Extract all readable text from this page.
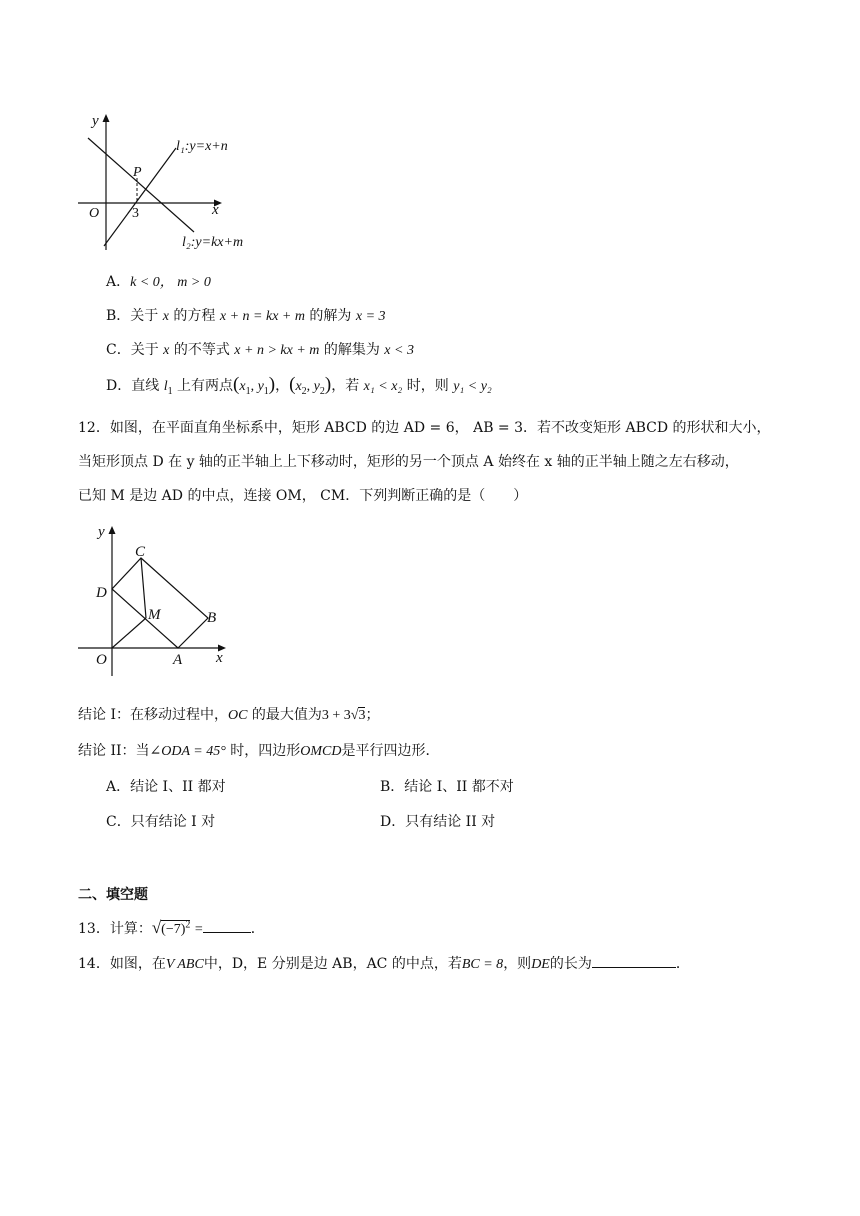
y
x
O
P
3
l₁:y=x+n
l₂:y=kx+m
A．k < 0， m > 0
B．关于 x 的方程 x + n = kx + m 的解为 x = 3
C．关于 x 的不等式 x + n > kx + m 的解集为 x < 3
D．直线 $l_1$ 上有两点($x_1$, $y_1$)，($x_2$, $y_2$)，若 x₁ < x₂ 时，则 y₁ < y₂
12．如图，在平面直角坐标系中，矩形 ABCD 的边 AD = 6， AB = 3．若不改变矩形 ABCD 的形状和大小，
当矩形顶点 D 在 y 轴的正半轴上上下移动时，矩形的另一个顶点 A 始终在 x 轴的正半轴上随之左右移动，
已知 M 是边 AD 的中点，连接 OM， CM．下列判断正确的是（　　）
y
x
O	A
B
C
D
M
结论 I：在移动过程中，OC 的最大值为3 + 3√3；
结论 II：当∠ODA = 45° 时，四边形OMCD是平行四边形．
A．结论 I、II 都对	B．结论 I、II 都不对
C．只有结论 I 对	D．只有结论 II 对
二、填空题
13．计算：$√(-7)^2$ =	．
14．如图，在V ABC中，D，E 分别是边 AB，AC 的中点，若BC = 8，则DE的长为	．
